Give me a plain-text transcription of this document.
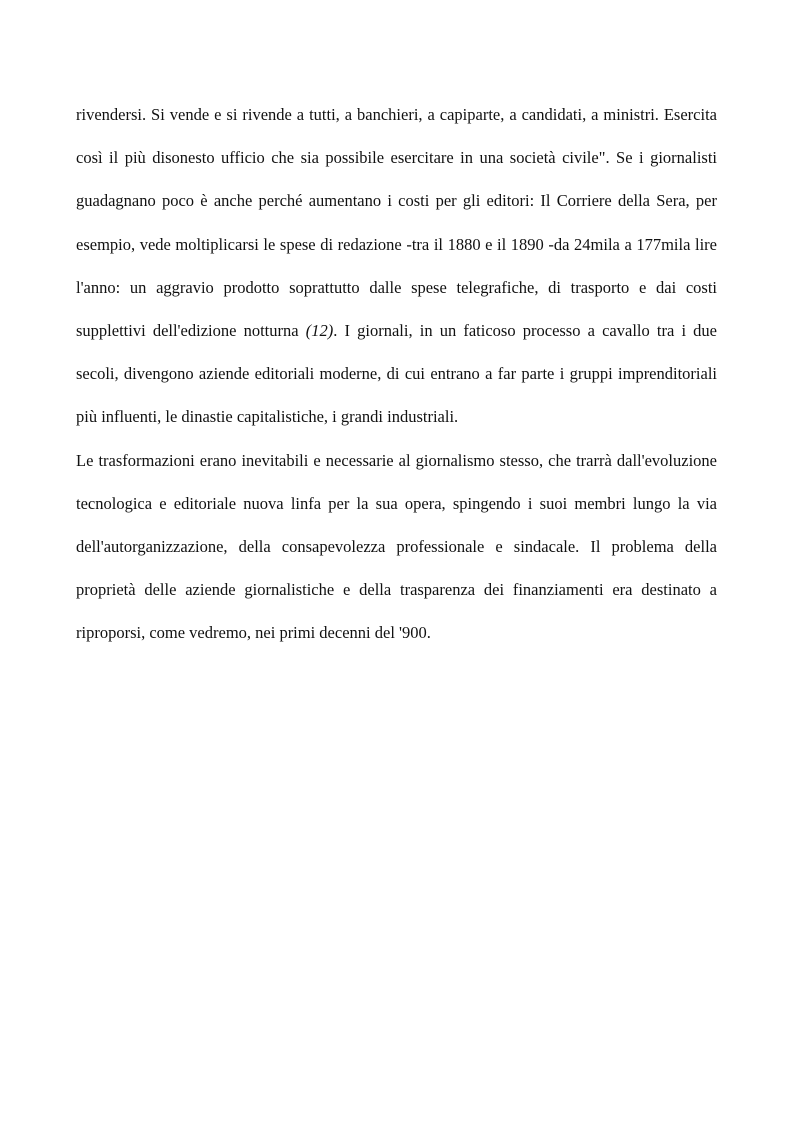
rivendersi. Si vende e si rivende a tutti, a banchieri, a capiparte, a candidati, a ministri. Esercita così il più disonesto ufficio che sia possibile esercitare in una società civile". Se i giornalisti guadagnano poco è anche perché aumentano i costi per gli editori: Il Corriere della Sera, per esempio, vede moltiplicarsi le spese di redazione -tra il 1880 e il 1890 -da 24mila a 177mila lire l'anno: un aggravio prodotto soprattutto dalle spese telegrafiche, di trasporto e dai costi supplettivi dell'edizione notturna (12). I giornali, in un faticoso processo a cavallo tra i due secoli, divengono aziende editoriali moderne, di cui entrano a far parte i gruppi imprenditoriali più influenti, le dinastie capitalistiche, i grandi industriali.

Le trasformazioni erano inevitabili e necessarie al giornalismo stesso, che trarrà dall'evoluzione tecnologica e editoriale nuova linfa per la sua opera, spingendo i suoi membri lungo la via dell'autorganizzazione, della consapevolezza professionale e sindacale. Il problema della proprietà delle aziende giornalistiche e della trasparenza dei finanziamenti era destinato a riproporsi, come vedremo, nei primi decenni del '900.
